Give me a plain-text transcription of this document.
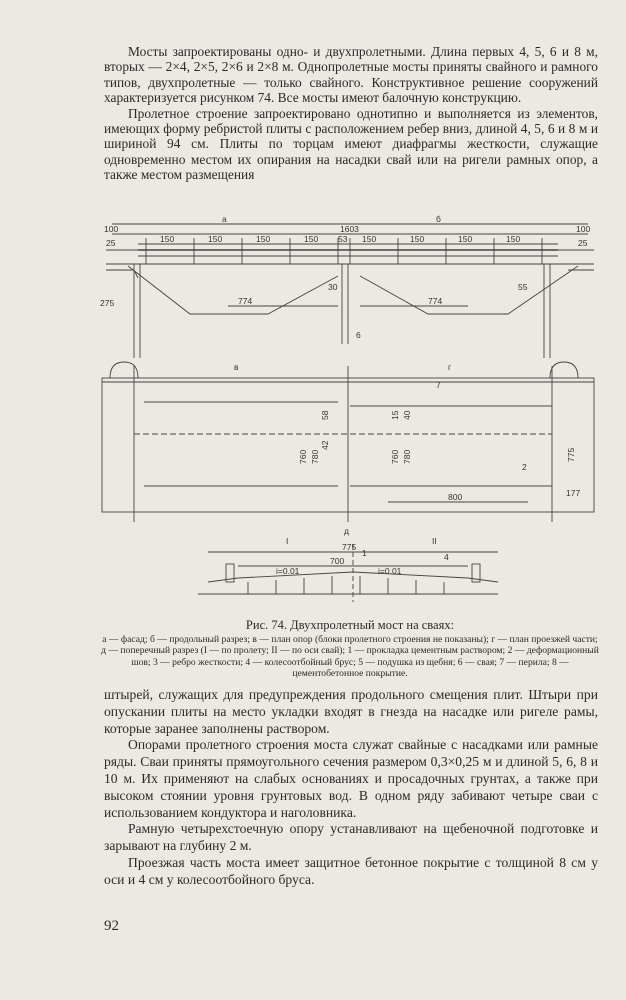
Мосты запроектированы одно- и двухпролетными. Длина первых 4, 5, 6 и 8 м, вторых — 2×4, 2×5, 2×6 и 2×8 м. Однопролетные мосты приняты свайного и рамного типов, двухпролетные — только свайного. Конструктивное решение сооружений характеризуется рисунком 74. Все мосты имеют балочную конструкцию.

Пролетное строение запроектировано однотипно и выполняется из элементов, имеющих форму ребристой плиты с расположением ребер вниз, длиной 4, 5, 6 и 8 м и шириной 94 см. Плиты по торцам имеют диафрагмы жесткости, служащие одновременно местом их опирания на насадки свай или на ригели рамных опор, а также местом размещения

а	б
1603
100	100
25	25
150	150	150	150 53 150	150	150	150
774	774
30	55
275
6
в	г
7
2
760 780	760 780
58
42
15 40
800
775
177
I
д
II
775
700
i=0.01	i=0.01
4
1
Рис. 74. Двухпролетный мост на сваях:
а — фасад; б — продольный разрез; в — план опор (блоки пролетного строения не показаны); г — план проезжей части; д — поперечный разрез (I — по пролету; II — по оси свай); 1 — прокладка цементным раствором; 2 — деформационный шов; 3 — ребро жесткости; 4 — колесоотбойный брус; 5 — подушка из щебня; 6 — свая; 7 — перила; 8 — цементобетонное покрытие.

штырей, служащих для предупреждения продольного смещения плит. Штыри при опускании плиты на место укладки входят в гнезда на насадке или ригеле рамы, которые заранее заполнены раствором.

Опорами пролетного строения моста служат свайные с насадками или рамные ряды. Сваи приняты прямоугольного сечения размером 0,3×0,25 м и длиной 5, 6, 8 и 10 м. Их применяют на слабых основаниях и просадочных грунтах, а также при высоком стоянии уровня грунтовых вод. В одном ряду забивают четыре сваи с использованием кондуктора и наголовника.

Рамную четырехстоечную опору устанавливают на щебеночной подготовке и зарывают на глубину 2 м.

Проезжая часть моста имеет защитное бетонное покрытие с толщиной 8 см у оси и 4 см у колесоотбойного бруса.

92
